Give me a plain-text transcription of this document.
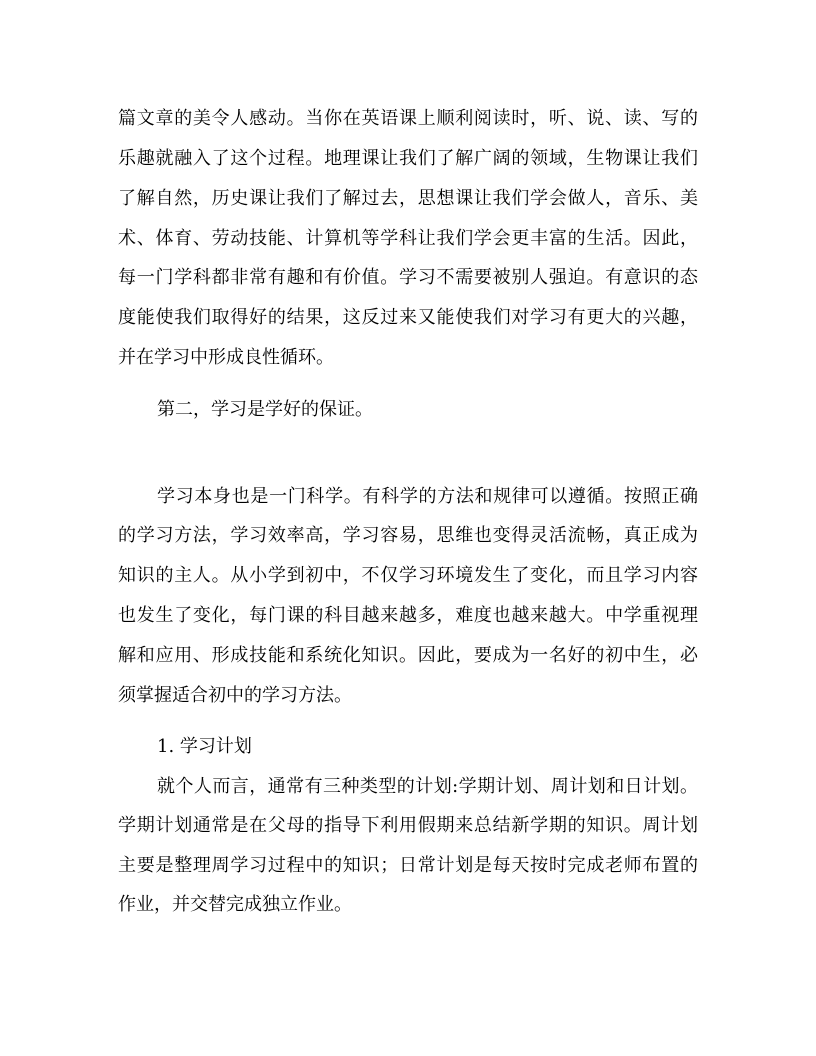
篇文章的美令人感动。当你在英语课上顺利阅读时，听、说、读、写的
乐趣就融入了这个过程。地理课让我们了解广阔的领域，生物课让我们
了解自然，历史课让我们了解过去，思想课让我们学会做人，音乐、美
术、体育、劳动技能、计算机等学科让我们学会更丰富的生活。因此，
每一门学科都非常有趣和有价值。学习不需要被别人强迫。有意识的态
度能使我们取得好的结果，这反过来又能使我们对学习有更大的兴趣，
并在学习中形成良性循环。
第二，学习是学好的保证。
学习本身也是一门科学。有科学的方法和规律可以遵循。按照正确
的学习方法，学习效率高，学习容易，思维也变得灵活流畅，真正成为
知识的主人。从小学到初中，不仅学习环境发生了变化，而且学习内容
也发生了变化，每门课的科目越来越多，难度也越来越大。中学重视理
解和应用、形成技能和系统化知识。因此，要成为一名好的初中生，必
须掌握适合初中的学习方法。
1. 学习计划
就个人而言，通常有三种类型的计划:学期计划、周计划和日计划。
学期计划通常是在父母的指导下利用假期来总结新学期的知识。周计划
主要是整理周学习过程中的知识；日常计划是每天按时完成老师布置的
作业，并交替完成独立作业。
